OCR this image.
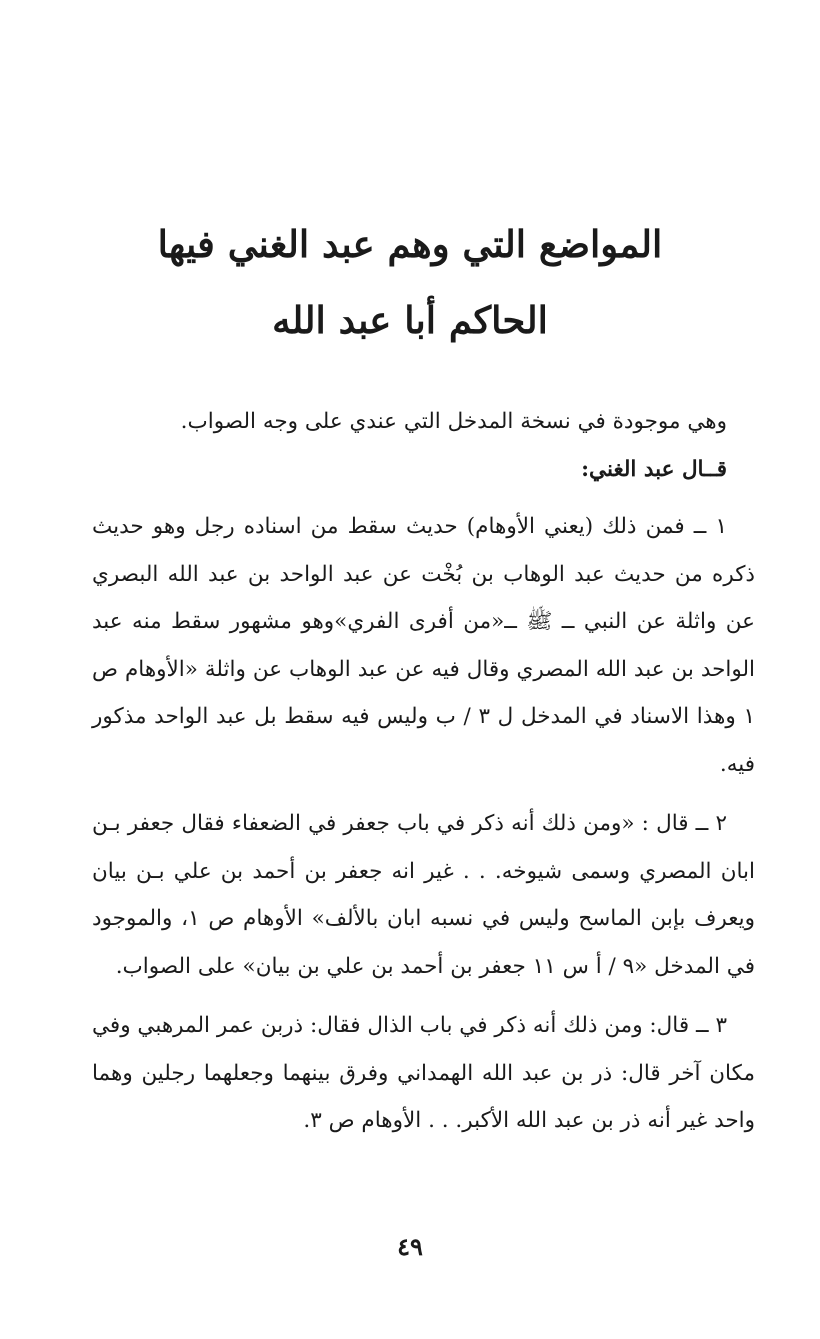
المواضع التي وهم عبد الغني فيها
الحاكم أبا عبد الله

وهي موجودة في نسخة المدخل التي عندي على وجه الصواب.

قــال عبد الغني:

١ ــ فمن ذلك (يعني الأوهام) حديث سقط من اسناده رجل وهو حديث ذكره من حديث عبد الوهاب بن بُخْت عن عبد الواحد بن عبد الله البصري عن واثلة عن النبي ــ ﷺ ــ«من أفرى الفري»وهو مشهور سقط منه عبد الواحد بن عبد الله المصري وقال فيه عن عبد الوهاب عن واثلة «الأوهام ص ١ وهذا الاسناد في المدخل ل ٣ / ب وليس فيه سقط بل عبد الواحد مذكور فيه.

٢ ــ قال : «ومن ذلك أنه ذكر في باب جعفر في الضعفاء فقال جعفر بـن ابان المصري وسمى شيوخه. . . غير انه جعفر بن أحمد بن علي بـن بيان ويعرف بإبن الماسح وليس في نسبه ابان بالألف» الأوهام ص ١، والموجود في المدخل «٩ / أ س ١١ جعفر بن أحمد بن علي بن بيان» على الصواب.

٣ ــ قال: ومن ذلك أنه ذكر في باب الذال فقال: ذربن عمر المرهبي وفي مكان آخر قال: ذر بن عبد الله الهمداني وفرق بينهما وجعلهما رجلين وهما واحد غير أنه ذر بن عبد الله الأكبر. . . الأوهام ص ٣.

٤٩
